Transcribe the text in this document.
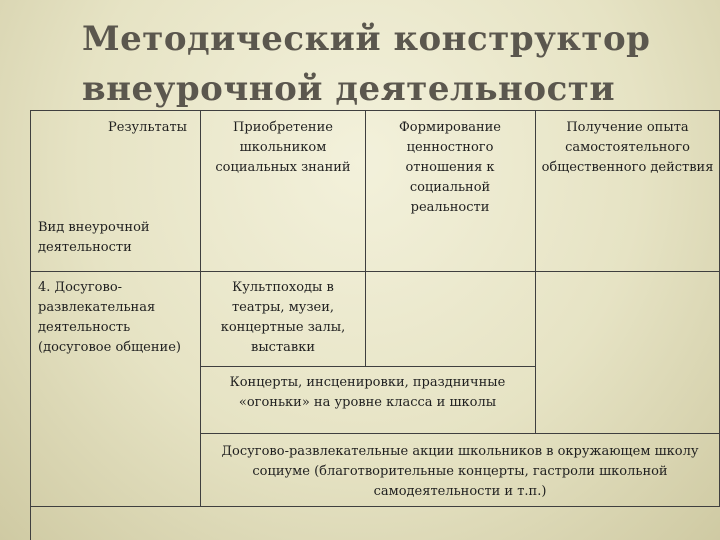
Методический конструктор
внеурочной деятельности
Результаты
Вид внеурочной деятельности
Приобретение школьником социальных знаний
Формирование ценностного отношения к социальной реальности
Получение опыта самостоятельного общественного действия
4. Досугово-развлекательная деятельность (досуговое общение)
Культпоходы в театры, музеи, концертные залы, выставки
Концерты, инсценировки, праздничные «огоньки» на уровне класса и школы
Досугово-развлекательные акции школьников в окружающем школу социуме (благотворительные концерты, гастроли школьной самодеятельности и т.п.)
